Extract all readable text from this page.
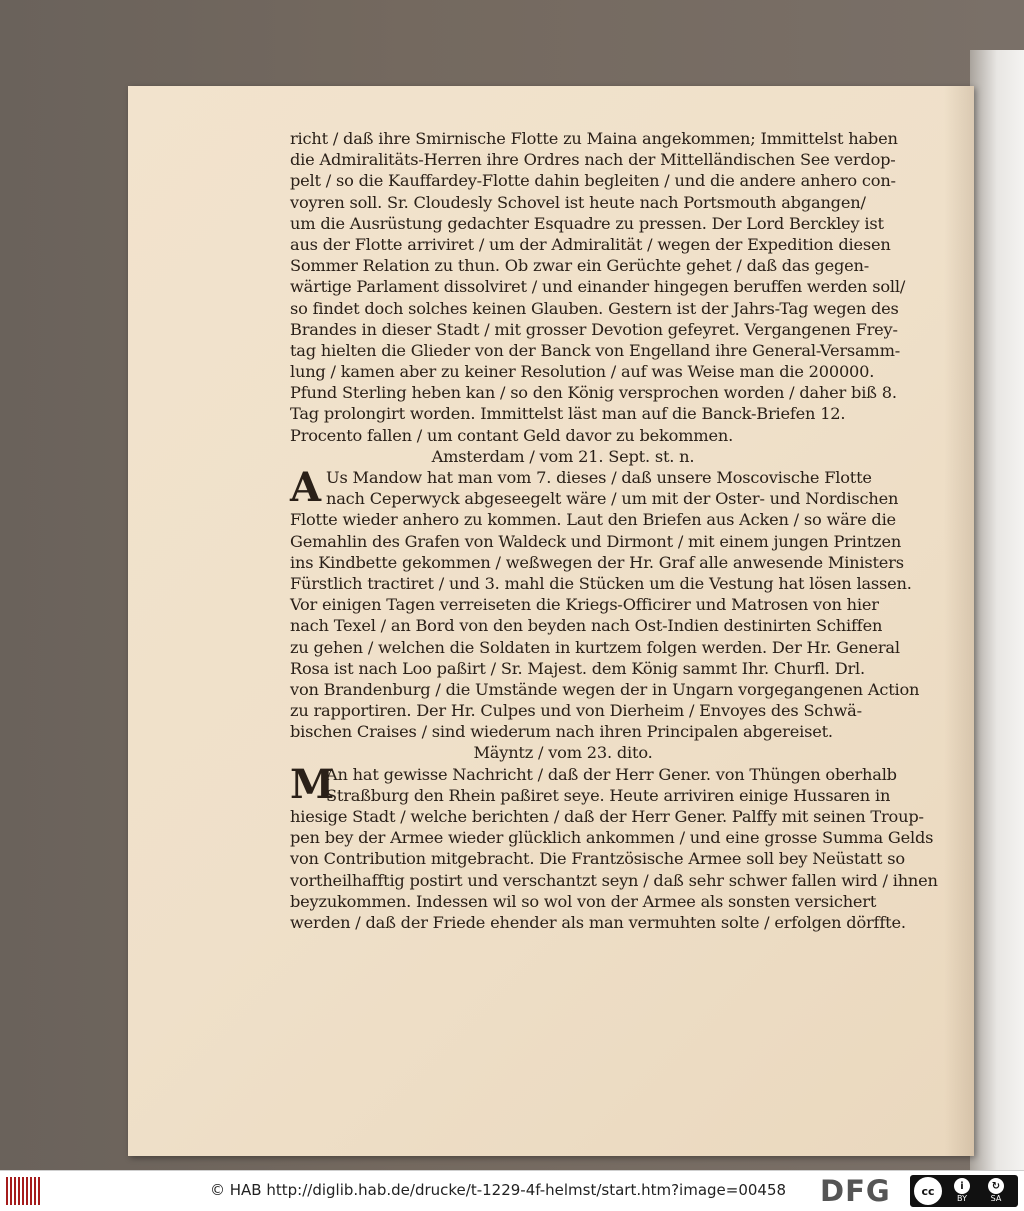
richt / daß ihre Smirnische Flotte zu Maina angekommen; Immittelst haben
die Admiralitäts-Herren ihre Ordres nach der Mittelländischen See verdop-
pelt / so die Kauffardey-Flotte dahin begleiten / und die andere anhero con-
voyren soll. Sr. Cloudesly Schovel ist heute nach Portsmouth abgangen/
um die Ausrüstung gedachter Esquadre zu pressen. Der Lord Berckley ist
aus der Flotte arriviret / um der Admiralität / wegen der Expedition diesen
Sommer Relation zu thun. Ob zwar ein Gerüchte gehet / daß das gegen-
wärtige Parlament dissolviret / und einander hingegen beruffen werden soll/
so findet doch solches keinen Glauben. Gestern ist der Jahrs-Tag wegen des
Brandes in dieser Stadt / mit grosser Devotion gefeyret. Vergangenen Frey-
tag hielten die Glieder von der Banck von Engelland ihre General-Versamm-
lung / kamen aber zu keiner Resolution / auf was Weise man die 200000.
Pfund Sterling heben kan / so den König versprochen worden / daher biß 8.
Tag prolongirt worden. Immittelst läst man auf die Banck-Briefen 12.
Procento fallen / um contant Geld davor zu bekommen.
Amsterdam / vom 21. Sept. st. n.
A Us Mandow hat man vom 7. dieses / daß unsere Moscovische Flotte
nach Ceperwyck abgeseegelt wäre / um mit der Oster- und Nordischen
Flotte wieder anhero zu kommen. Laut den Briefen aus Acken / so wäre die
Gemahlin des Grafen von Waldeck und Dirmont / mit einem jungen Printzen
ins Kindbette gekommen / weßwegen der Hr. Graf alle anwesende Ministers
Fürstlich tractiret / und 3. mahl die Stücken um die Vestung hat lösen lassen.
Vor einigen Tagen verreiseten die Kriegs-Officirer und Matrosen von hier
nach Texel / an Bord von den beyden nach Ost-Indien destinirten Schiffen
zu gehen / welchen die Soldaten in kurtzem folgen werden. Der Hr. General
Rosa ist nach Loo paßirt / Sr. Majest. dem König sammt Ihr. Churfl. Drl.
von Brandenburg / die Umstände wegen der in Ungarn vorgegangenen Action
zu rapportiren. Der Hr. Culpes und von Dierheim / Envoyes des Schwä-
bischen Craises / sind wiederum nach ihren Principalen abgereiset.
Mäyntz / vom 23. dito.
M
An hat gewisse Nachricht / daß der Herr Gener. von Thüngen oberhalb
Straßburg den Rhein paßiret seye. Heute arriviren einige Hussaren in
hiesige Stadt / welche berichten / daß der Herr Gener. Palffy mit seinen Troup-
pen bey der Armee wieder glücklich ankommen / und eine grosse Summa Gelds
von Contribution mitgebracht. Die Frantzösische Armee soll bey Neüstatt so
vortheilhafftig postirt und verschantzt seyn / daß sehr schwer fallen wird / ihnen
beyzukommen. Indessen wil so wol von der Armee als sonsten versichert
werden / daß der Friede ehender als man vermuhten solte / erfolgen dörffte.
© HAB http://diglib.hab.de/drucke/t-1229-4f-helmst/start.htm?image=00458 DFG	cc	i
BY
↻
SA
